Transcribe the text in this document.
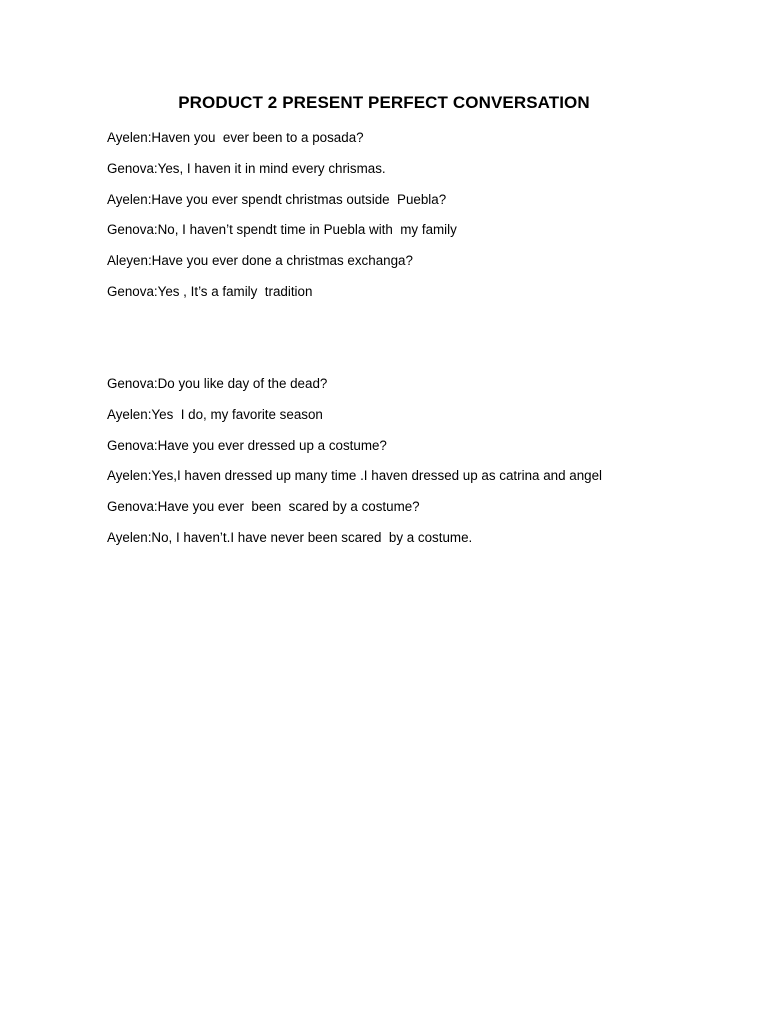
PRODUCT 2 PRESENT PERFECT CONVERSATION
Ayelen:Haven you  ever been to a posada?
Genova:Yes, I haven it in mind every chrismas.
Ayelen:Have you ever spendt christmas outside  Puebla?
Genova:No, I haven’t spendt time in Puebla with  my family
Aleyen:Have you ever done a christmas exchanga?
Genova:Yes , It’s a family  tradition
Genova:Do you like day of the dead?
Ayelen:Yes  I do, my favorite season
Genova:Have you ever dressed up a costume?
Ayelen:Yes,I haven dressed up many time .I haven dressed up as catrina and angel
Genova:Have you ever  been  scared by a costume?
Ayelen:No, I haven’t.I have never been scared  by a costume.
